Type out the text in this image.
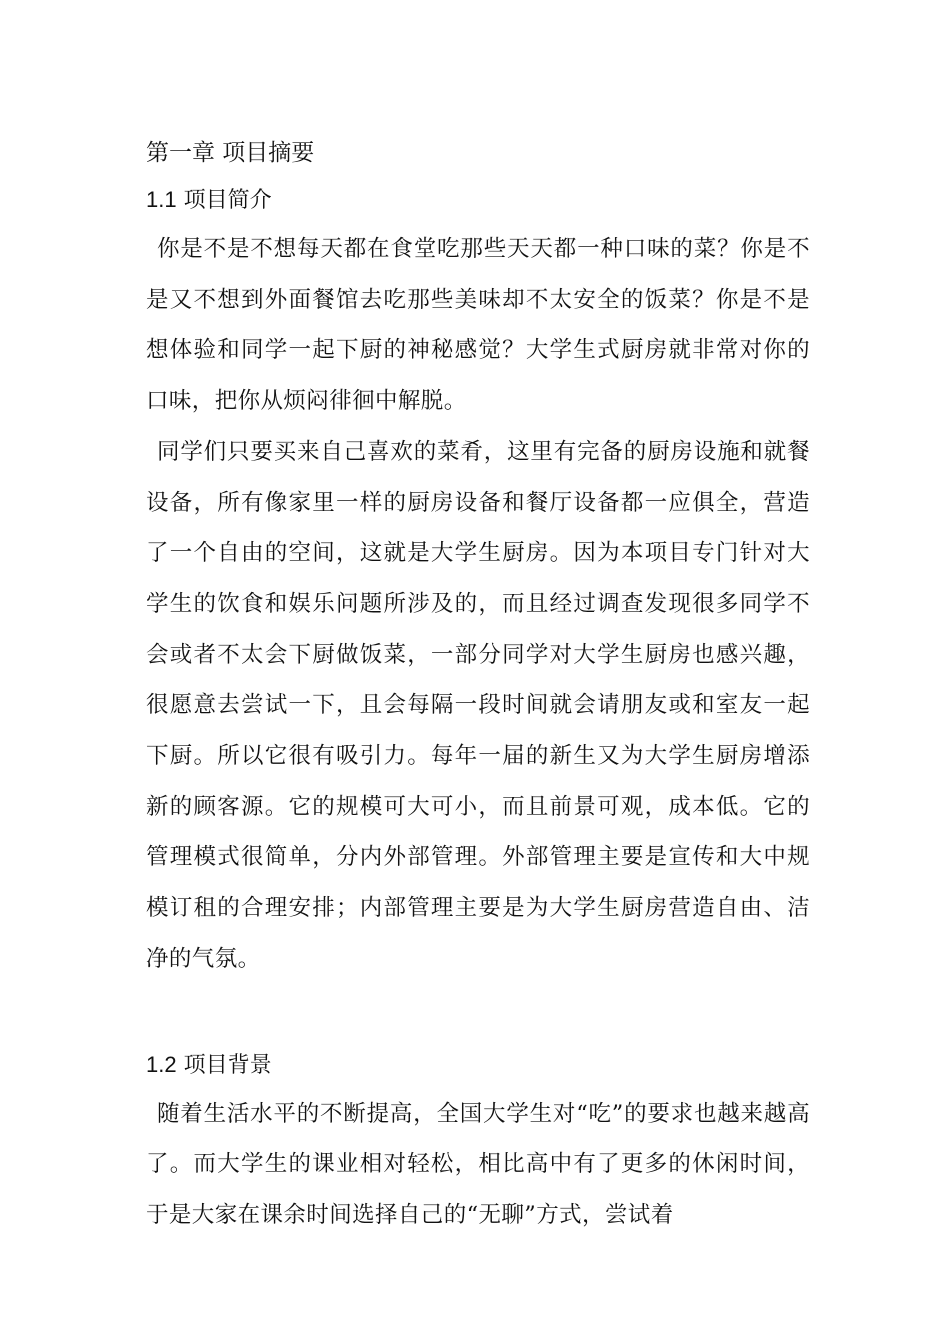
第一章 项目摘要
1.1 项目简介

你是不是不想每天都在食堂吃那些天天都一种口味的菜？你是不是又不想到外面餐馆去吃那些美味却不太安全的饭菜？你是不是想体验和同学一起下厨的神秘感觉？大学生式厨房就非常对你的口味，把你从烦闷徘徊中解脱。

同学们只要买来自己喜欢的菜肴，这里有完备的厨房设施和就餐设备，所有像家里一样的厨房设备和餐厅设备都一应俱全，营造了一个自由的空间，这就是大学生厨房。因为本项目专门针对大学生的饮食和娱乐问题所涉及的，而且经过调查发现很多同学不会或者不太会下厨做饭菜，一部分同学对大学生厨房也感兴趣，很愿意去尝试一下，且会每隔一段时间就会请朋友或和室友一起下厨。所以它很有吸引力。每年一届的新生又为大学生厨房增添新的顾客源。它的规模可大可小，而且前景可观，成本低。它的管理模式很简单，分内外部管理。外部管理主要是宣传和大中规模订租的合理安排；内部管理主要是为大学生厨房营造自由、洁净的气氛。

1.2 项目背景

随着生活水平的不断提高，全国大学生对“吃”的要求也越来越高了。而大学生的课业相对轻松，相比高中有了更多的休闲时间，于是大家在课余时间选择自己的“无聊”方式，尝试着
